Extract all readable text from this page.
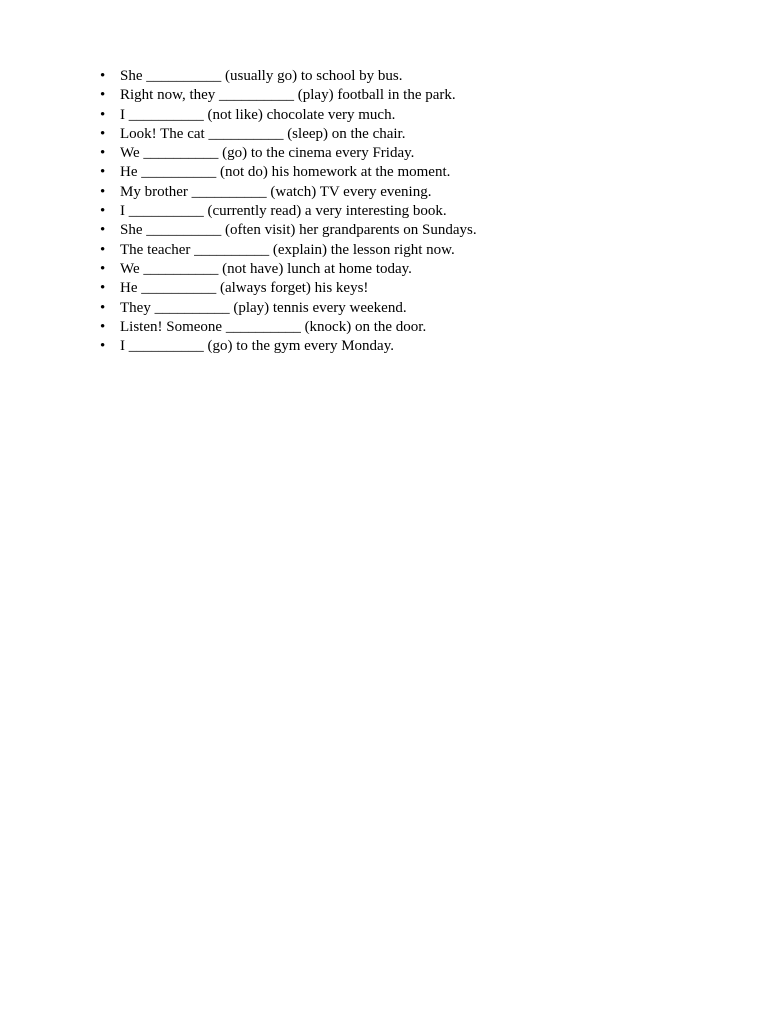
• She __________ (usually go) to school by bus.
• Right now, they __________ (play) football in the park.
• I __________ (not like) chocolate very much.
• Look! The cat __________ (sleep) on the chair.
• We __________ (go) to the cinema every Friday.
• He __________ (not do) his homework at the moment.
• My brother __________ (watch) TV every evening.
• I __________ (currently read) a very interesting book.
• She __________ (often visit) her grandparents on Sundays.
• The teacher __________ (explain) the lesson right now.
• We __________ (not have) lunch at home today.
• He __________ (always forget) his keys!
• They __________ (play) tennis every weekend.
• Listen! Someone __________ (knock) on the door.
• I __________ (go) to the gym every Monday.
